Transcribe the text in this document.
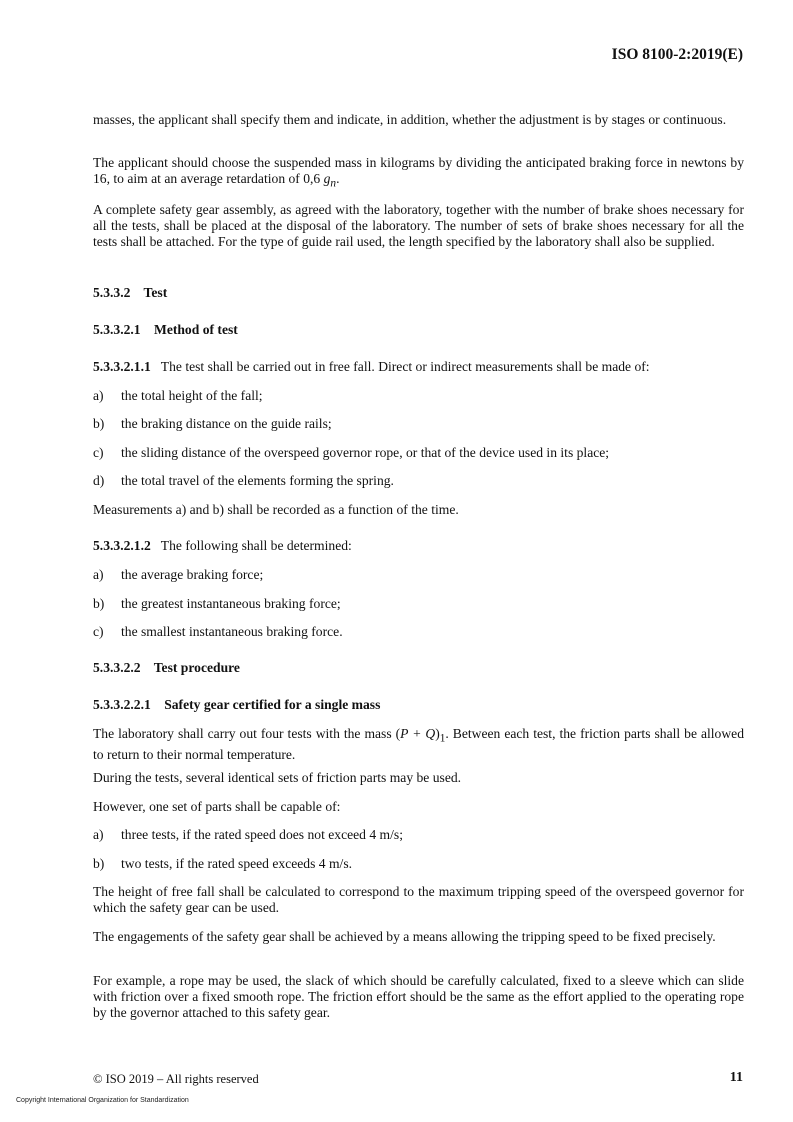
ISO 8100-2:2019(E)

masses, the applicant shall specify them and indicate, in addition, whether the adjustment is by stages or continuous.

The applicant should choose the suspended mass in kilograms by dividing the anticipated braking force in newtons by 16, to aim at an average retardation of 0,6 $g_n$.

A complete safety gear assembly, as agreed with the laboratory, together with the number of brake shoes necessary for all the tests, shall be placed at the disposal of the laboratory. The number of sets of brake shoes necessary for all the tests shall be attached. For the type of guide rail used, the length specified by the laboratory shall also be supplied.

5.3.3.2 Test
5.3.3.2.1 Method of test
5.3.3.2.1.1 The test shall be carried out in free fall. Direct or indirect measurements shall be made of:
a) the total height of the fall;
b) the braking distance on the guide rails;
c) the sliding distance of the overspeed governor rope, or that of the device used in its place;
d) the total travel of the elements forming the spring.

Measurements a) and b) shall be recorded as a function of the time.

5.3.3.2.1.2 The following shall be determined:
a) the average braking force;
b) the greatest instantaneous braking force;
c) the smallest instantaneous braking force.
5.3.3.2.2 Test procedure
5.3.3.2.2.1 Safety gear certified for a single mass

The laboratory shall carry out four tests with the mass $(P + Q)_1$. Between each test, the friction parts shall be allowed to return to their normal temperature.

During the tests, several identical sets of friction parts may be used.

However, one set of parts shall be capable of:

a) three tests, if the rated speed does not exceed 4 m/s;
b) two tests, if the rated speed exceeds 4 m/s.

The height of free fall shall be calculated to correspond to the maximum tripping speed of the overspeed governor for which the safety gear can be used.

The engagements of the safety gear shall be achieved by a means allowing the tripping speed to be fixed precisely.

For example, a rope may be used, the slack of which should be carefully calculated, fixed to a sleeve which can slide with friction over a fixed smooth rope. The friction effort should be the same as the effort applied to the operating rope by the governor attached to this safety gear.

© ISO 2019 – All rights reserved
Copyright International Organization for Standardization
11
